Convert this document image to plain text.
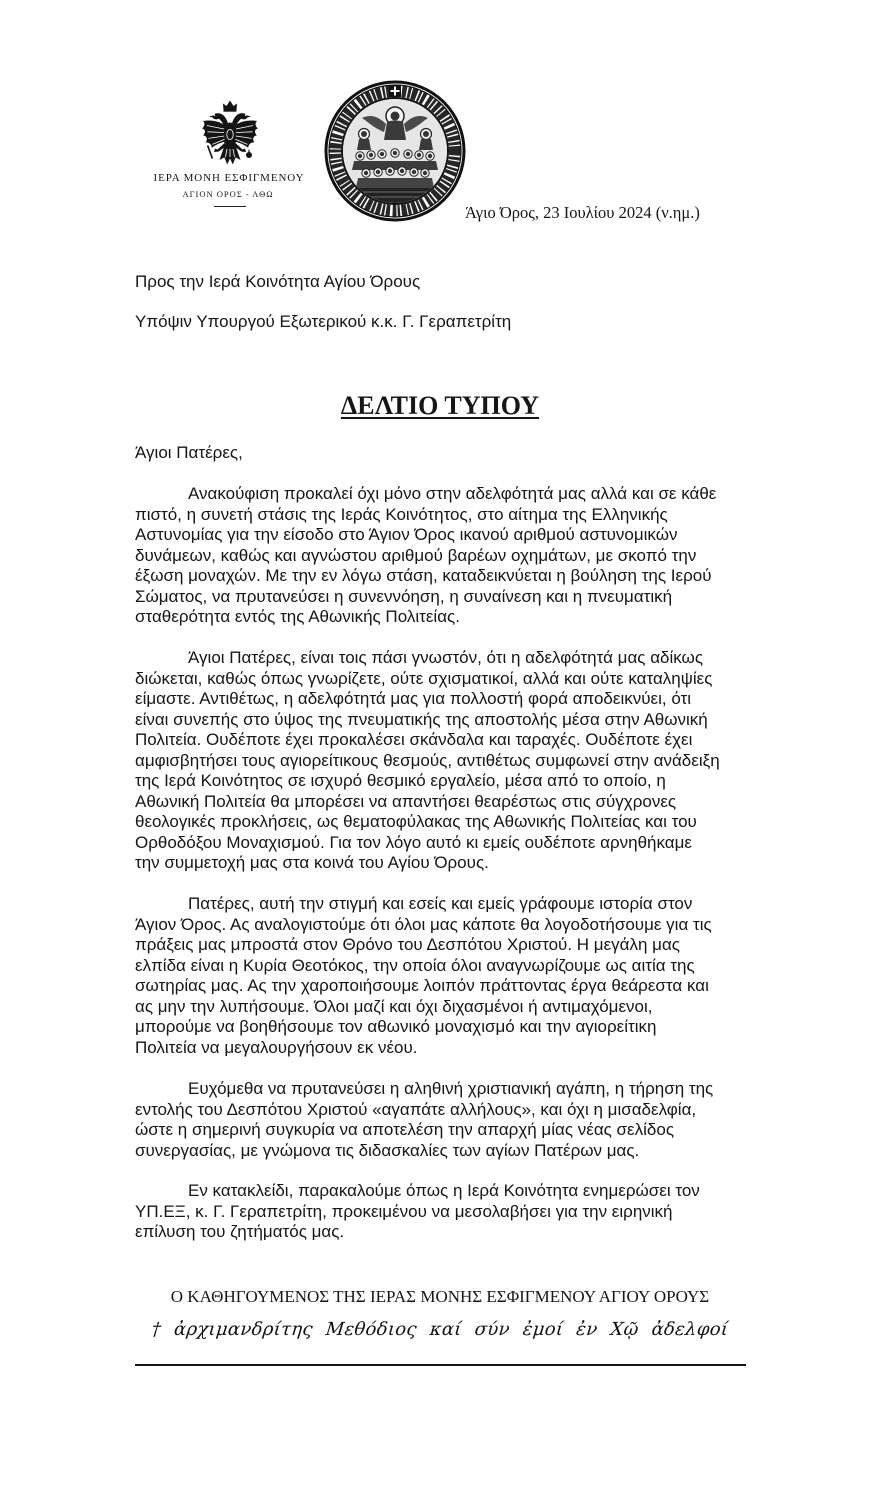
ΙΕΡΑ ΜΟΝΗ ΕΣΦΙΓΜΕΝΟΥ
ΑΓΙΟΝ ΟΡΟΣ - ΑΘΩ
Άγιο Όρος, 23 Ιουλίου 2024 (ν.ημ.)
Προς την Ιερά Κοινότητα Αγίου Όρους
Υπόψιν Υπουργού Εξωτερικού κ.κ. Γ. Γεραπετρίτη
ΔΕΛΤΙΟ ΤΥΠΟΥ
Άγιοι Πατέρες,
Ανακούφιση προκαλεί όχι μόνο στην αδελφότητά μας αλλά και σε κάθε
πιστό, η συνετή στάσις της Ιεράς Κοινότητος, στο αίτημα της Ελληνικής
Αστυνομίας για την είσοδο στο Άγιον Όρος ικανού αριθμού αστυνομικών
δυνάμεων, καθώς και αγνώστου αριθμού βαρέων οχημάτων, με σκοπό την
έξωση μοναχών. Με την εν λόγω στάση, καταδεικνύεται η βούληση της Ιερού
Σώματος, να πρυτανεύσει η συνεννόηση, η συναίνεση και η πνευματική
σταθερότητα εντός της Αθωνικής Πολιτείας.
Άγιοι Πατέρες, είναι τοις πάσι γνωστόν, ότι η αδελφότητά μας αδίκως
διώκεται, καθώς όπως γνωρίζετε, ούτε σχισματικοί, αλλά και ούτε καταληψίες
είμαστε. Αντιθέτως, η αδελφότητά μας για πολλοστή φορά αποδεικνύει, ότι
είναι συνεπής στο ύψος της πνευματικής της αποστολής μέσα στην Αθωνική
Πολιτεία. Ουδέποτε έχει προκαλέσει σκάνδαλα και ταραχές. Ουδέποτε έχει
αμφισβητήσει τους αγιορείτικους θεσμούς, αντιθέτως συμφωνεί στην ανάδειξη
της Ιερά Κοινότητος σε ισχυρό θεσμικό εργαλείο, μέσα από το οποίο, η
Αθωνική Πολιτεία θα μπορέσει να απαντήσει θεαρέστως στις σύγχρονες
θεολογικές προκλήσεις, ως θεματοφύλακας της Αθωνικής Πολιτείας και του
Ορθοδόξου Μοναχισμού. Για τον λόγο αυτό κι εμείς ουδέποτε αρνηθήκαμε
την συμμετοχή μας στα κοινά του Αγίου Όρους.
Πατέρες, αυτή την στιγμή και εσείς και εμείς γράφουμε ιστορία στον
Άγιον Όρος. Ας αναλογιστούμε ότι όλοι μας κάποτε θα λογοδοτήσουμε για τις
πράξεις μας μπροστά στον Θρόνο του Δεσπότου Χριστού. Η μεγάλη μας
ελπίδα είναι η Κυρία Θεοτόκος, την οποία όλοι αναγνωρίζουμε ως αιτία της
σωτηρίας μας. Ας την χαροποιήσουμε λοιπόν πράττοντας έργα θεάρεστα και
ας μην την λυπήσουμε. Όλοι μαζί και όχι διχασμένοι ή αντιμαχόμενοι,
μπορούμε να βοηθήσουμε τον αθωνικό μοναχισμό και την αγιορείτικη
Πολιτεία να μεγαλουργήσουν εκ νέου.
Ευχόμεθα να πρυτανεύσει η αληθινή χριστιανική αγάπη, η τήρηση της
εντολής του Δεσπότου Χριστού «αγαπάτε αλλήλους», και όχι η μισαδελφία,
ώστε η σημερινή συγκυρία να αποτελέση την απαρχή μίας νέας σελίδος
συνεργασίας, με γνώμονα τις διδασκαλίες των αγίων Πατέρων μας.
Εν κατακλείδι, παρακαλούμε όπως η Ιερά Κοινότητα ενημερώσει τον
ΥΠ.ΕΞ, κ. Γ. Γεραπετρίτη, προκειμένου να μεσολαβήσει για την ειρηνική
επίλυση του ζητήματός μας.
Ο ΚΑΘΗΓΟΥΜΕΝΟΣ ΤΗΣ ΙΕΡΑΣ ΜΟΝΗΣ ΕΣΦΙΓΜΕΝΟΥ ΑΓΙΟΥ ΟΡΟΥΣ
† ἀρχιμανδρίτης Μεθόδιος καί σύν ἐμοί ἐν Χῷ ἀδελφοί
